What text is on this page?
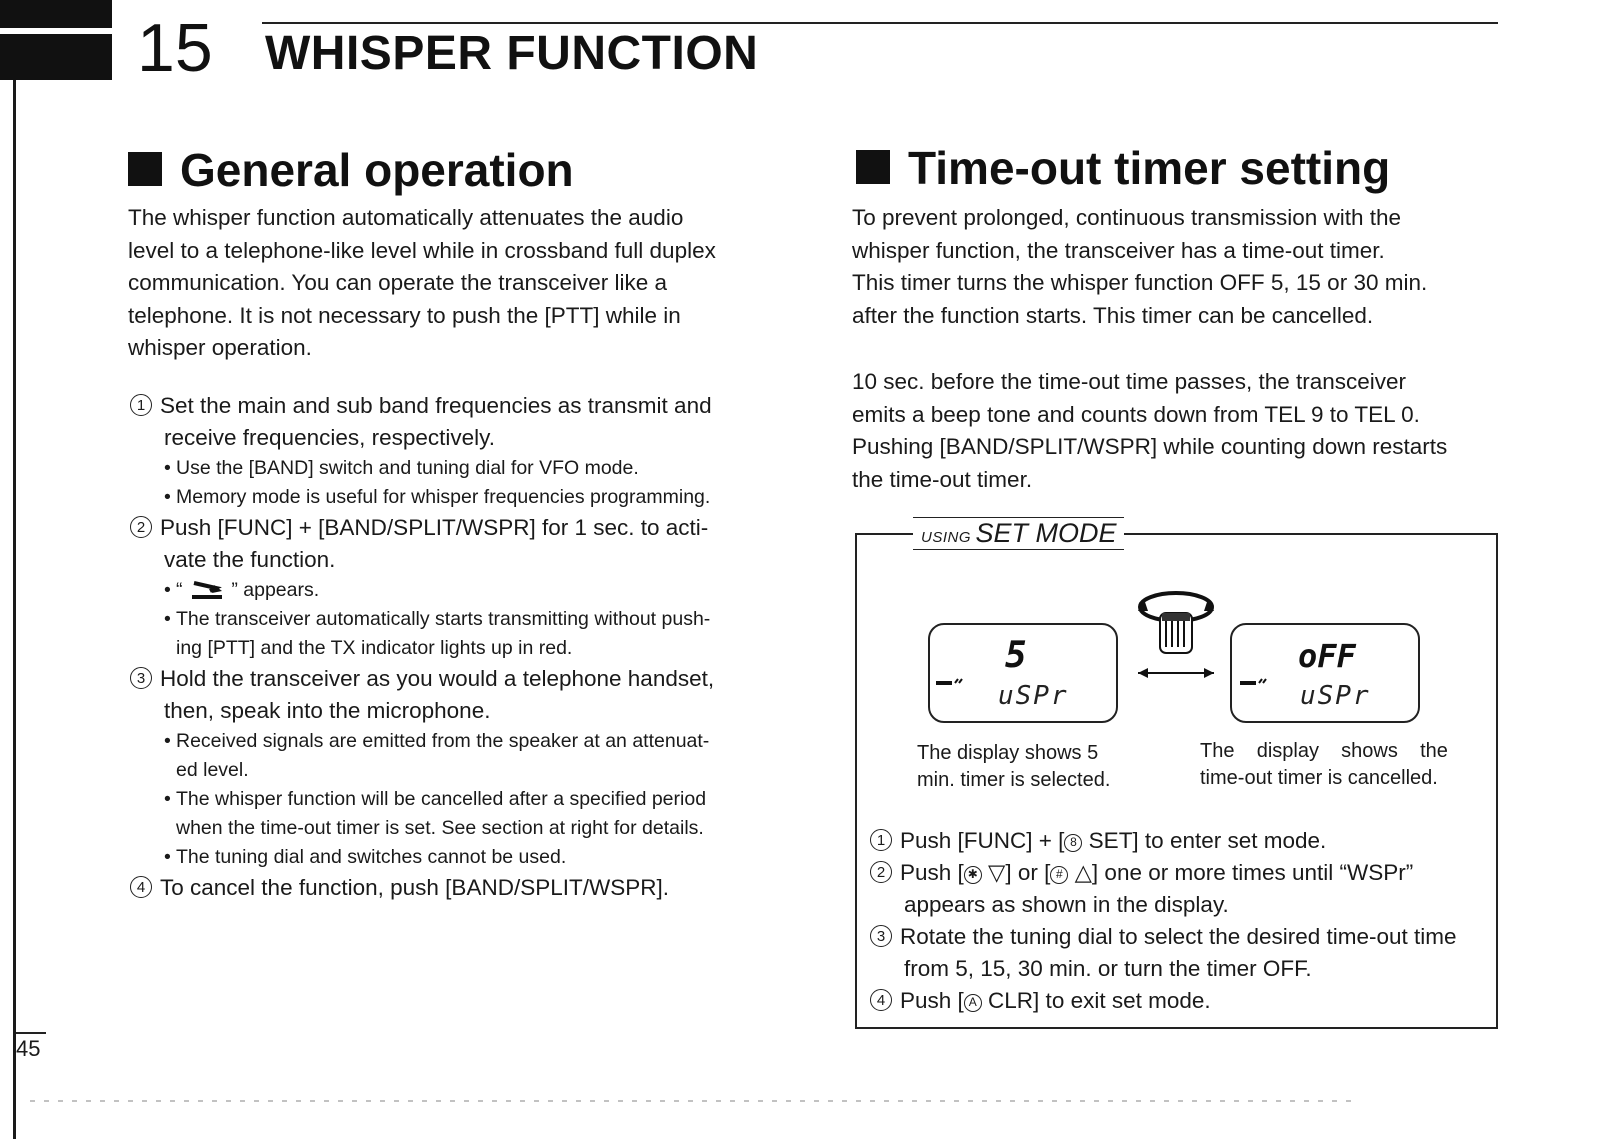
15 WHISPER FUNCTION
General operation
The whisper function automatically attenuates the audio
level to a telephone-like level while in crossband full duplex
communication. You can operate the transceiver like a
telephone. It is not necessary to push the [PTT] while in
whisper operation.
1 Set the main and sub band frequencies as transmit and
receive frequencies, respectively.
• Use the [BAND] switch and tuning dial for VFO mode.
• Memory mode is useful for whisper frequencies programming.
2 Push [FUNC] + [BAND/SPLIT/WSPR] for 1 sec. to acti-
vate the function.
• “  ” appears.
• The transceiver automatically starts transmitting without push-
ing [PTT] and the TX indicator lights up in red.
3 Hold the transceiver as you would a telephone handset,
then, speak into the microphone.
• Received signals are emitted from the speaker at an attenuat-
ed level.
• The whisper function will be cancelled after a specified period
when the time-out timer is set. See section at right for details.
• The tuning dial and switches cannot be used.
4 To cancel the function, push [BAND/SPLIT/WSPR].
Time-out timer setting
To prevent prolonged, continuous transmission with the
whisper function, the transceiver has a time-out timer.
This timer turns the whisper function OFF 5, 15 or 30 min.
after the function starts. This timer can be cancelled.
10 sec. before the time-out time passes, the transceiver
emits a beep tone and counts down from TEL 9 to TEL 0.
Pushing [BAND/SPLIT/WSPR] while counting down restarts
the time-out timer.
USING SET MODE
5
uSPr
oFF
uSPr
The display shows 5
min. timer is selected.
The    display    shows    the
time-out timer is cancelled.
1 Push [FUNC] + [ 8 SET] to enter set mode.
2 Push [ ✱ ▽] or [ # △] one or more times until “WSPr”
appears as shown in the display.
3 Rotate the tuning dial to select the desired time-out time
from 5, 15, 30 min. or turn the timer OFF.
4 Push [ A CLR] to exit set mode.
45
